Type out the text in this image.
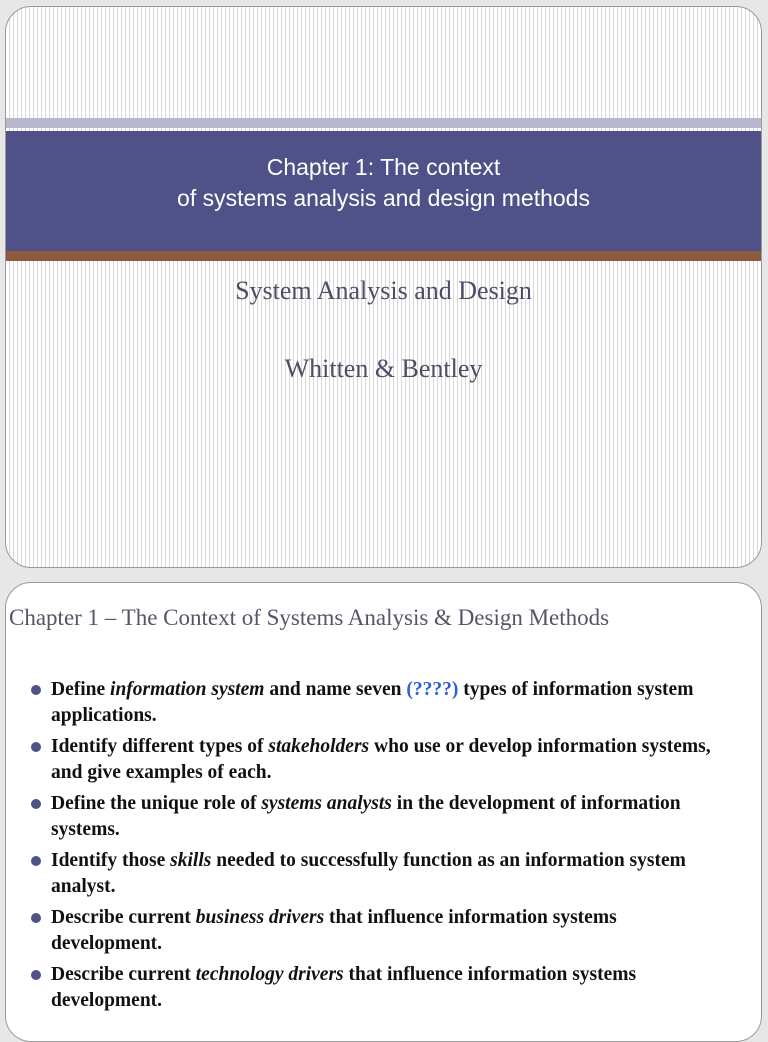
Chapter 1: The context
of systems analysis and design methods
System Analysis and Design
Whitten & Bentley
Chapter 1 – The Context of Systems Analysis & Design Methods
Define information system and name seven (????) types of information system applications.
Identify different types of stakeholders who use or develop information systems, and give examples of each.
Define the unique role of systems analysts in the development of information systems.
Identify those skills needed to successfully function as an information system analyst.
Describe current business drivers that influence information systems development.
Describe current technology drivers that influence information systems development.
